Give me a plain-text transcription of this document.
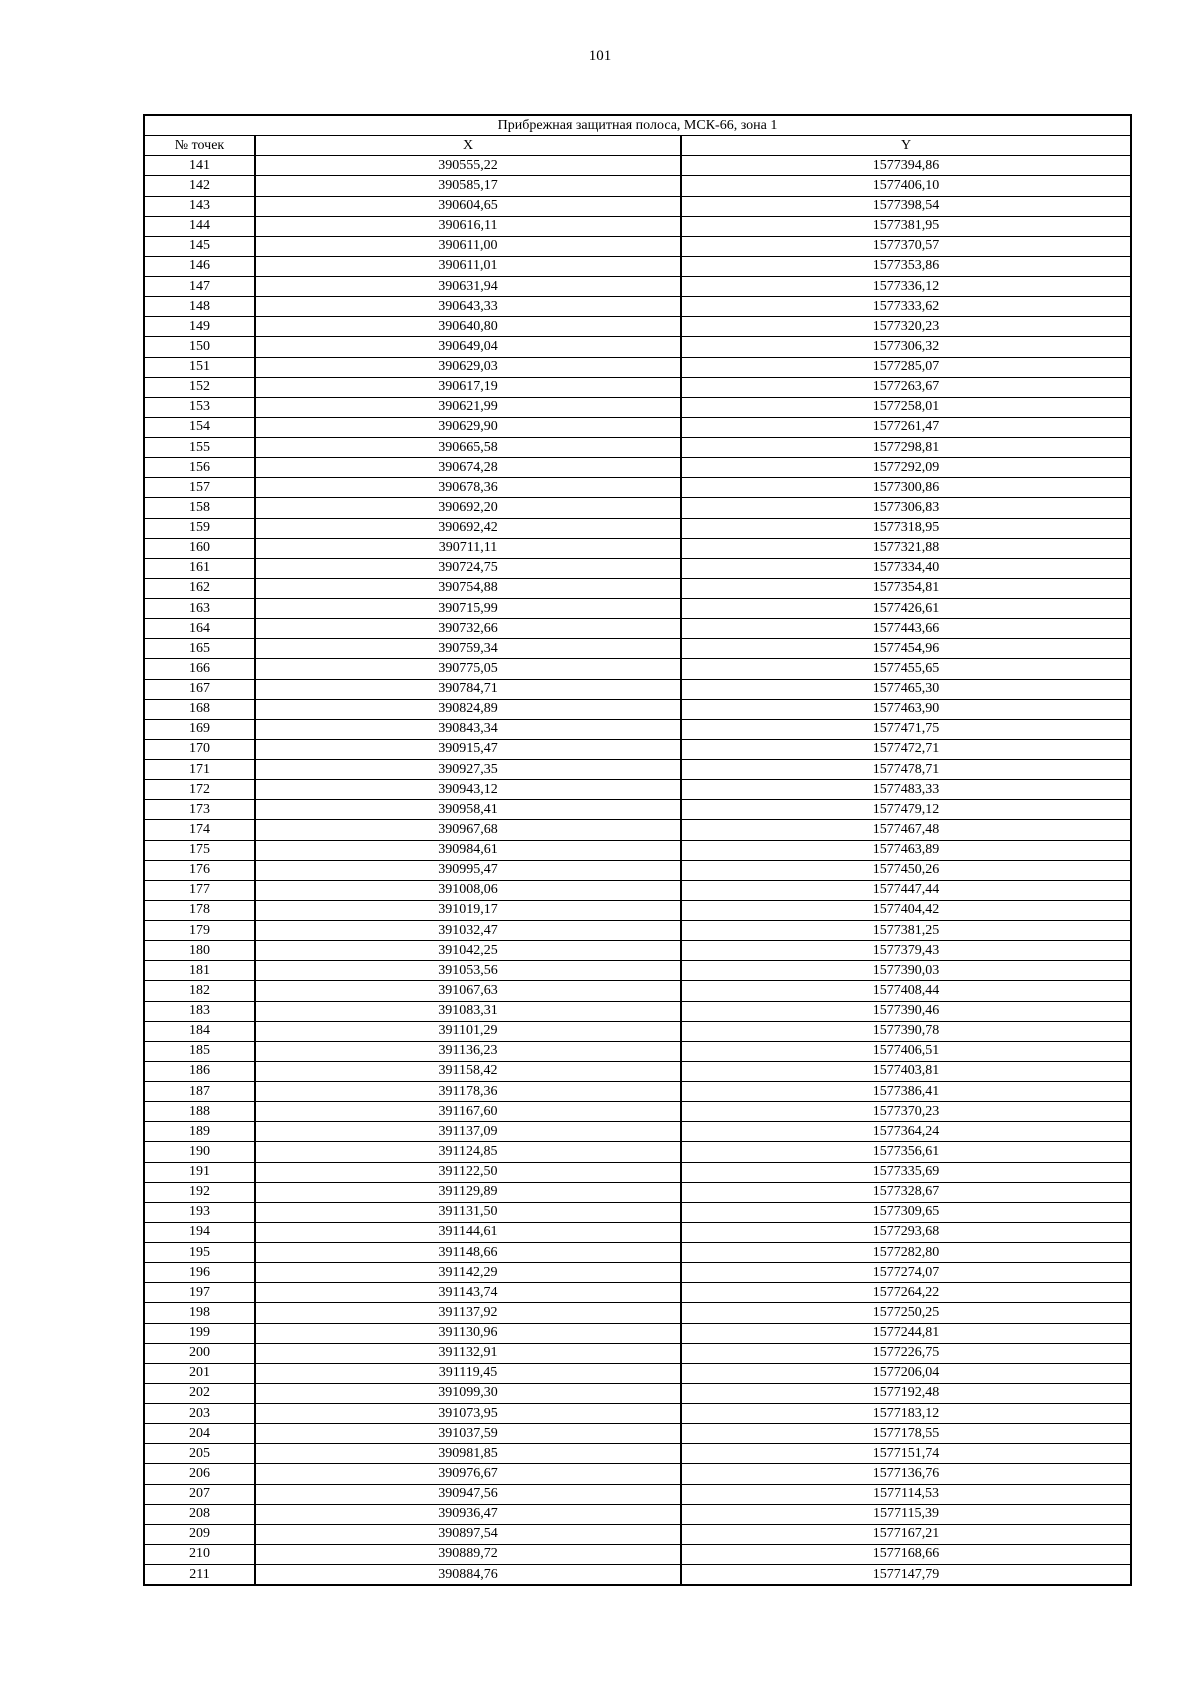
101
Прибрежная защитная полоса, МСК-66, зона 1		
№ точек	X	Y
141	390555,22	1577394,86
142	390585,17	1577406,10
143	390604,65	1577398,54
144	390616,11	1577381,95
145	390611,00	1577370,57
146	390611,01	1577353,86
147	390631,94	1577336,12
148	390643,33	1577333,62
149	390640,80	1577320,23
150	390649,04	1577306,32
151	390629,03	1577285,07
152	390617,19	1577263,67
153	390621,99	1577258,01
154	390629,90	1577261,47
155	390665,58	1577298,81
156	390674,28	1577292,09
157	390678,36	1577300,86
158	390692,20	1577306,83
159	390692,42	1577318,95
160	390711,11	1577321,88
161	390724,75	1577334,40
162	390754,88	1577354,81
163	390715,99	1577426,61
164	390732,66	1577443,66
165	390759,34	1577454,96
166	390775,05	1577455,65
167	390784,71	1577465,30
168	390824,89	1577463,90
169	390843,34	1577471,75
170	390915,47	1577472,71
171	390927,35	1577478,71
172	390943,12	1577483,33
173	390958,41	1577479,12
174	390967,68	1577467,48
175	390984,61	1577463,89
176	390995,47	1577450,26
177	391008,06	1577447,44
178	391019,17	1577404,42
179	391032,47	1577381,25
180	391042,25	1577379,43
181	391053,56	1577390,03
182	391067,63	1577408,44
183	391083,31	1577390,46
184	391101,29	1577390,78
185	391136,23	1577406,51
186	391158,42	1577403,81
187	391178,36	1577386,41
188	391167,60	1577370,23
189	391137,09	1577364,24
190	391124,85	1577356,61
191	391122,50	1577335,69
192	391129,89	1577328,67
193	391131,50	1577309,65
194	391144,61	1577293,68
195	391148,66	1577282,80
196	391142,29	1577274,07
197	391143,74	1577264,22
198	391137,92	1577250,25
199	391130,96	1577244,81
200	391132,91	1577226,75
201	391119,45	1577206,04
202	391099,30	1577192,48
203	391073,95	1577183,12
204	391037,59	1577178,55
205	390981,85	1577151,74
206	390976,67	1577136,76
207	390947,56	1577114,53
208	390936,47	1577115,39
209	390897,54	1577167,21
210	390889,72	1577168,66
211	390884,76	1577147,79
